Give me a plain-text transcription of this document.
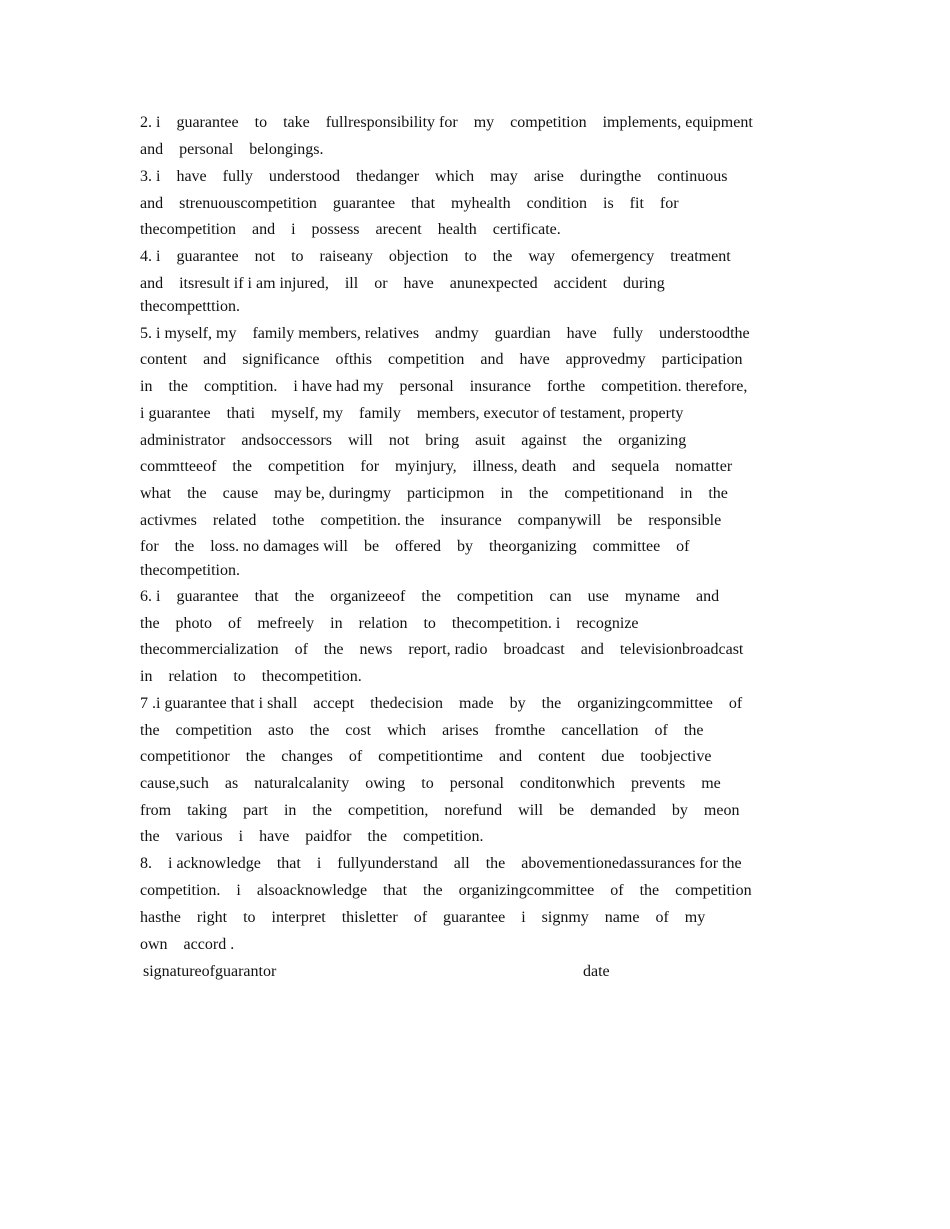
2. i    guarantee    to    take    fullresponsibility for    my    competition    implements, equipment
and    personal    belongings.
3. i    have    fully    understood    thedanger    which    may    arise    duringthe    continuous
and    strenuouscompetition    guarantee    that    myhealth    condition    is    fit    for
thecompetition    and    i    possess    arecent    health    certificate.
4. i    guarantee    not    to    raiseany    objection    to    the    way    ofemergency    treatment
and    itsresult if i am injured,    ill    or    have    anunexpected    accident    during
thecompetttion.
5. i myself, my    family members, relatives    andmy    guardian    have    fully    understoodthe
content    and    significance    ofthis    competition    and    have    approvedmy    participation
in    the    comptition.    i have had my    personal    insurance    forthe    competition. therefore,
i guarantee    thati    myself, my    family    members, executor of testament, property
administrator    andsoccessors    will    not    bring    asuit    against    the    organizing
commtteeof    the    competition    for    myinjury,    illness, death    and    sequela    nomatter
what    the    cause    may be, duringmy    participmon    in    the    competitionand    in    the
activmes    related    tothe    competition. the    insurance    companywill    be    responsible
for    the    loss. no damages will    be    offered    by    theorganizing    committee    of
thecompetition.
6. i    guarantee    that    the    organizeeof    the    competition    can    use    myname    and
the    photo    of    mefreely    in    relation    to    thecompetition. i    recognize
thecommercialization    of    the    news    report, radio    broadcast    and    televisionbroadcast
in    relation    to    thecompetition.
7 .i guarantee that i shall    accept    thedecision    made    by    the    organizingcommittee    of
the    competition    asto    the    cost    which    arises    fromthe    cancellation    of    the
competitionor    the    changes    of    competitiontime    and    content    due    toobjective
cause,such    as    naturalcalanity    owing    to    personal    conditonwhich    prevents    me
from    taking    part    in    the    competition,    norefund    will    be    demanded    by    meon
the    various    i    have    paidfor    the    competition.
8.    i acknowledge    that    i    fullyunderstand    all    the    abovementionedassurances for the
competition.    i    alsoacknowledge    that    the    organizingcommittee    of    the    competition
hasthe    right    to    interpret    thisletter    of    guarantee    i    signmy    name    of    my
own    accord .

signatureofguarantor

	date
